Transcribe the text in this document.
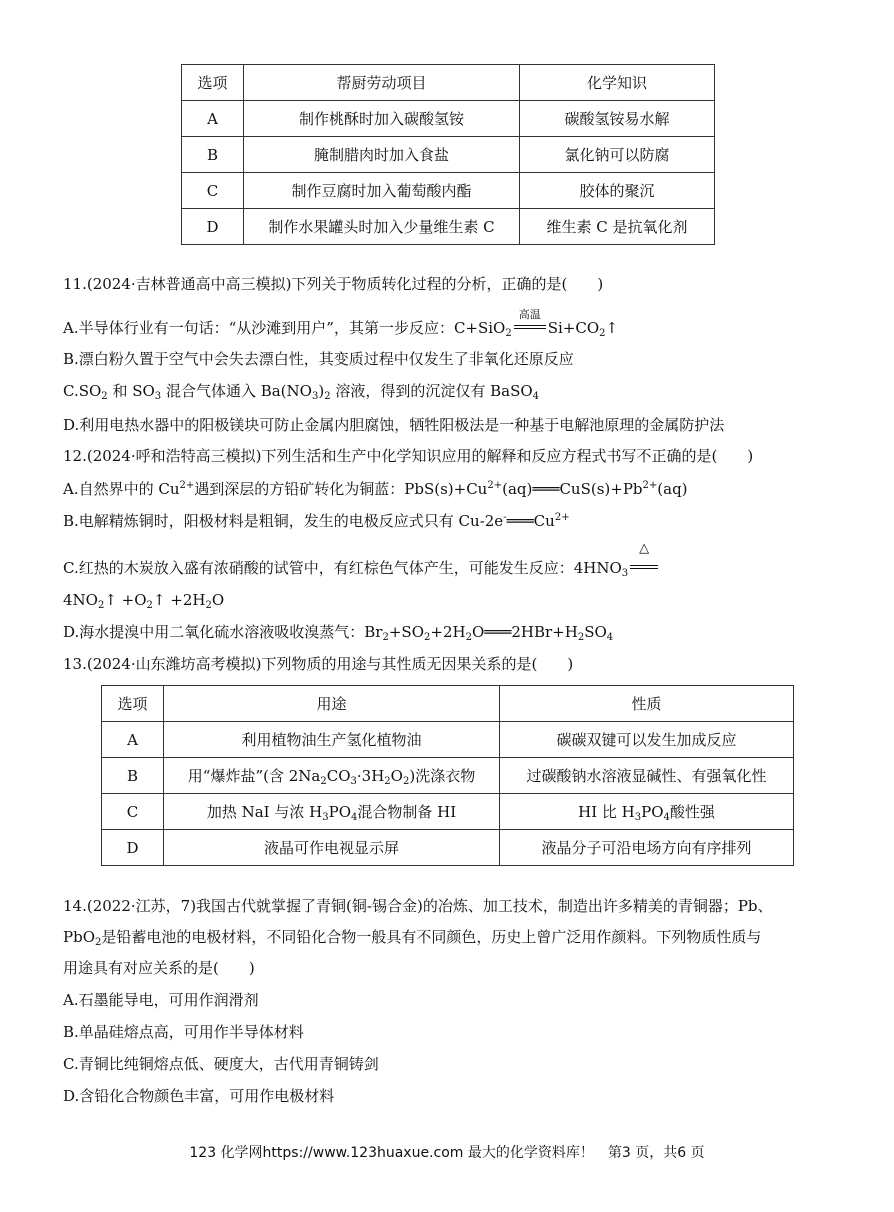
选项	帮厨劳动项目	化学知识
A	制作桃酥时加入碳酸氢铵	碳酸氢铵易水解
B	腌制腊肉时加入食盐	氯化钠可以防腐
C	制作豆腐时加入葡萄酸内酯	胶体的聚沉
D	制作水果罐头时加入少量维生素 C	维生素 C 是抗氧化剂
11.(2024·吉林普通高中高三模拟)下列关于物质转化过程的分析，正确的是(　　)
A.半导体行业有一句话：“从沙滩到用户”，其第一步反应：C+SiO$_2$
高温
$Si+CO_2↑$
B.漂白粉久置于空气中会失去漂白性，其变质过程中仅发生了非氧化还原反应
$C.SO_2$ 和 $SO_3$ 混合气体通入 $Ba(NO_3)_2$ 溶液，得到的沉淀仅有 BaSO$_4$
D.利用电热水器中的阳极镁块可防止金属内胆腐蚀，牺牲阳极法是一种基于电解池原理的金属防护法
12.(2024·呼和浩特高三模拟)下列生活和生产中化学知识应用的解释和反应方程式书写不正确的是(　　)
A.自然界中的 $Cu^{2+}$遇到深层的方铅矿转化为铜蓝：$PbS(s)+Cu^{2+}(aq)═══CuS(s)+Pb^{2+}(aq)$
B.电解精炼铜时，阳极材料是粗铜，发生的电极反应式只有 $Cu-2e^-═══Cu^{2+}$
C.红热的木炭放入盛有浓硝酸的试管中，有红棕色气体产生，可能发生反应：$4HNO_3$
△
$4NO_2↑$ $+O_2↑ +2H_2O$
D.海水提溴中用二氧化硫水溶液吸收溴蒸气：$Br_2+SO_2+2H_2O═══2HBr+H_2SO_4$
13.(2024·山东潍坊高考模拟)下列物质的用途与其性质无因果关系的是(　　)
选项	用途	性质
A	利用植物油生产氢化植物油	碳碳双键可以发生加成反应
B	用“爆炸盐”(含 $2Na_2CO_3\cdot 3H_2O_2$)洗涤衣物	过碳酸钠水溶液显碱性、有强氧化性
C	加热 NaI 与浓 $H_3PO_4$混合物制备 HI	HI 比 $H_3PO_4$酸性强
D	液晶可作电视显示屏	液晶分子可沿电场方向有序排列
14.(2022·江苏，7)我国古代就掌握了青铜(铜-锡合金)的冶炼、加工技术，制造出许多精美的青铜器；Pb、
PbO$_2$是铅蓄电池的电极材料，不同铅化合物一般具有不同颜色，历史上曾广泛用作颜料。下列物质性质与
用途具有对应关系的是(　　)
A.石墨能导电，可用作润滑剂
B.单晶硅熔点高，可用作半导体材料
C.青铜比纯铜熔点低、硬度大，古代用青铜铸剑
D.含铅化合物颜色丰富，可用作电极材料
123 化学网https://www.123huaxue.com 最大的化学资料库！　第3 页，共6 页
